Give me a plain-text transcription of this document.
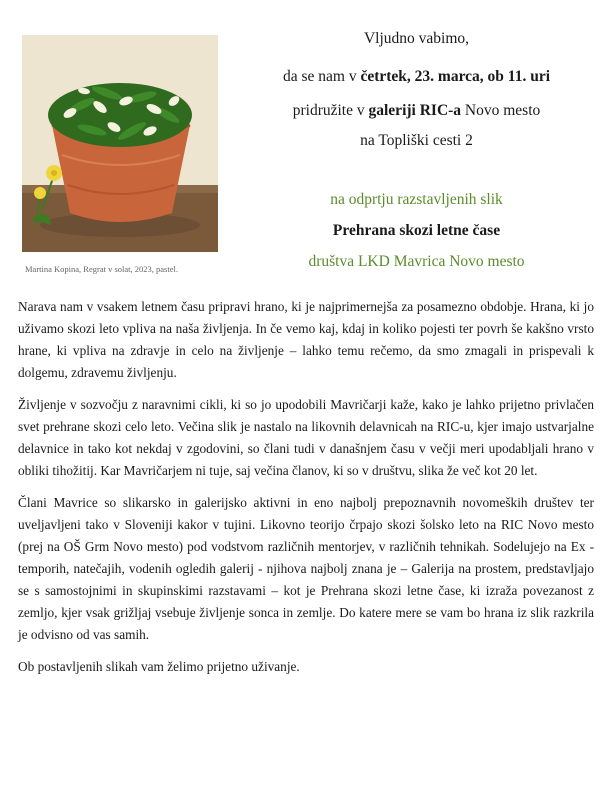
Martina Kopina, Regrat v solat, 2023, pastel.
Vljudno vabimo,
da se nam v četrtek, 23. marca, ob 11. uri
pridružite v galeriji RIC-a Novo mesto
na Topliški cesti 2
na odprtju razstavljenih slik
Prehrana skozi letne čase
društva LKD Mavrica Novo mesto

Narava nam v vsakem letnem času pripravi hrano, ki je najprimernejša za posamezno obdobje. Hrana, ki jo uživamo skozi leto vpliva na naša življenja. In če vemo kaj, kdaj in koliko pojesti ter povrh še kakšno vrsto hrane, ki vpliva na zdravje in celo na življenje – lahko temu rečemo, da smo zmagali in prispevali k dolgemu, zdravemu življenju.

Življenje v sozvočju z naravnimi cikli, ki so jo upodobili Mavričarji kaže, kako je lahko prijetno privlačen svet prehrane skozi celo leto. Večina slik je nastalo na likovnih delavnicah na RIC-u, kjer imajo ustvarjalne delavnice in tako kot nekdaj v zgodovini, so člani tudi v današnjem času v večji meri upodabljali hrano v obliki tihožitij. Kar Mavričarjem ni tuje, saj večina članov, ki so v društvu, slika že več kot 20 let.

Člani Mavrice so slikarsko in galerijsko aktivni in eno najbolj prepoznavnih novomeških društev ter uveljavljeni tako v Sloveniji kakor v tujini. Likovno teorijo črpajo skozi šolsko leto na RIC Novo mesto (prej na OŠ Grm Novo mesto) pod vodstvom različnih mentorjev, v različnih tehnikah. Sodelujejo na Ex - temporih, natečajih, vodenih ogledih galerij - njihova najbolj znana je – Galerija na prostem, predstavljajo se s samostojnimi in skupinskimi razstavami – kot je Prehrana skozi letne čase, ki izraža povezanost z zemljo, kjer vsak grižljaj vsebuje življenje sonca in zemlje. Do katere mere se vam bo hrana iz slik razkrila je odvisno od vas samih.

Ob postavljenih slikah vam želimo prijetno uživanje.
